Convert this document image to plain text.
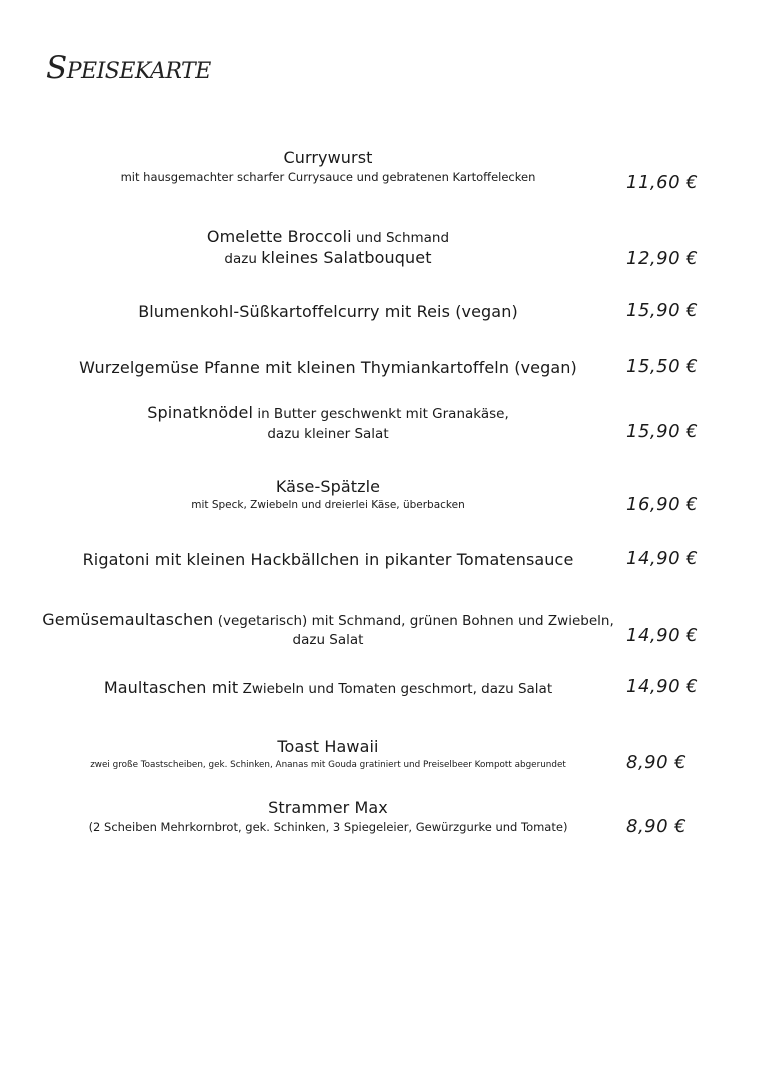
Speisekarte
Currywurst
mit hausgemachter scharfer Currysauce und gebratenen Kartoffelecken	11,60 €
Omelette Broccoli und Schmand
dazu kleines Salatbouquet	12,90 €
Blumenkohl-Süßkartoffelcurry mit Reis (vegan)	15,90 €
Wurzelgemüse Pfanne mit kleinen Thymiankartoffeln (vegan)	15,50 €
Spinatknödel in Butter geschwenkt mit Granakäse,
dazu kleiner Salat	15,90 €
Käse-Spätzle
mit Speck, Zwiebeln und dreierlei Käse, überbacken	16,90 €
Rigatoni mit kleinen Hackbällchen in pikanter Tomatensauce	14,90 €
Gemüsemaultaschen (vegetarisch) mit Schmand, grünen Bohnen und Zwiebeln,
dazu Salat	14,90 €
Maultaschen mit Zwiebeln und Tomaten geschmort, dazu Salat	14,90 €
Toast Hawaii
zwei große Toastscheiben, gek. Schinken, Ananas mit Gouda gratiniert und Preiselbeer Kompott abgerundet	8,90 €
Strammer Max
(2 Scheiben Mehrkornbrot, gek. Schinken, 3 Spiegeleier, Gewürzgurke und Tomate)	8,90 €
